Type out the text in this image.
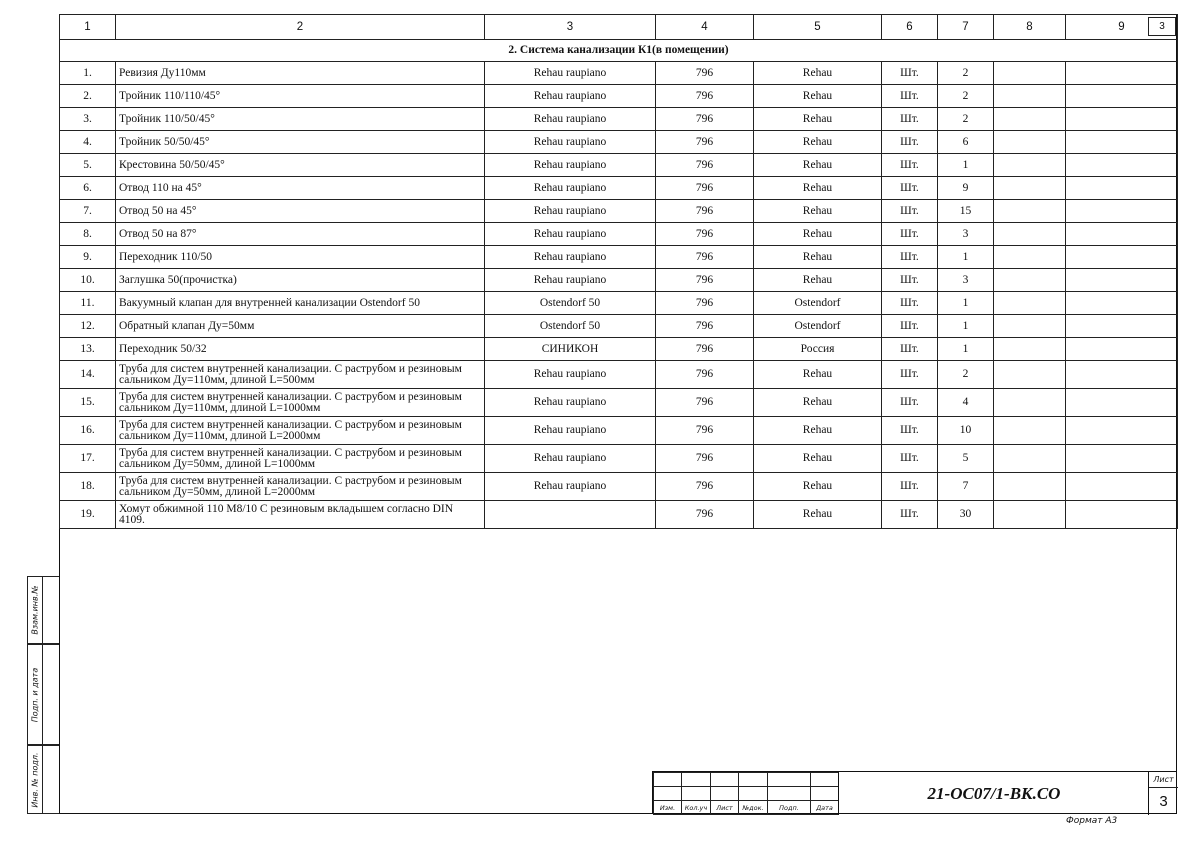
1	2	3	4	5	6	7	8	9
2. Система канализации К1(в помещении)								
1.	Ревизия Ду110мм	Rehau raupiano	796	Rehau	Шт.	2		
2.	Тройник 110/110/45°	Rehau raupiano	796	Rehau	Шт.	2		
3.	Тройник 110/50/45°	Rehau raupiano	796	Rehau	Шт.	2		
4.	Тройник 50/50/45°	Rehau raupiano	796	Rehau	Шт.	6		
5.	Крестовина 50/50/45°	Rehau raupiano	796	Rehau	Шт.	1		
6.	Отвод 110 на 45°	Rehau raupiano	796	Rehau	Шт.	9		
7.	Отвод 50 на 45°	Rehau raupiano	796	Rehau	Шт.	15		
8.	Отвод 50 на 87°	Rehau raupiano	796	Rehau	Шт.	3		
9.	Переходник 110/50	Rehau raupiano	796	Rehau	Шт.	1		
10.	Заглушка 50(прочистка)	Rehau raupiano	796	Rehau	Шт.	3		
11.	Вакуумный клапан для внутренней канализации Ostendorf 50	Ostendorf 50	796	Ostendorf	Шт.	1		
12.	Обратный клапан Ду=50мм	Ostendorf 50	796	Ostendorf	Шт.	1		
13.	Переходник 50/32	СИНИКОН	796	Россия	Шт.	1		
14.	Труба для систем внутренней канализации. С раструбом и резиновым сальником Ду=110мм, длиной L=500мм	Rehau raupiano	796	Rehau	Шт.	2		
15.	Труба для систем внутренней канализации. С раструбом и резиновым сальником Ду=110мм, длиной L=1000мм	Rehau raupiano	796	Rehau	Шт.	4		
16.	Труба для систем внутренней канализации. С раструбом и резиновым сальником Ду=110мм, длиной L=2000мм	Rehau raupiano	796	Rehau	Шт.	10		
17.	Труба для систем внутренней канализации. С раструбом и резиновым сальником Ду=50мм, длиной L=1000мм	Rehau raupiano	796	Rehau	Шт.	5		
18.	Труба для систем внутренней канализации. С раструбом и резиновым сальником Ду=50мм, длиной L=2000мм	Rehau raupiano	796	Rehau	Шт.	7		
19.	Хомут обжимной 110 М8/10 С резиновым вкладышем согласно DIN 4109.		796	Rehau	Шт.	30		
3
Взам.инв.№
Подп. и дата
Инв. № подл.

Изм.	Кол.уч	Лист	№док.	Подп.	Дата
21-ОС07/1-ВК.СО
Лист
3
Формат А3
